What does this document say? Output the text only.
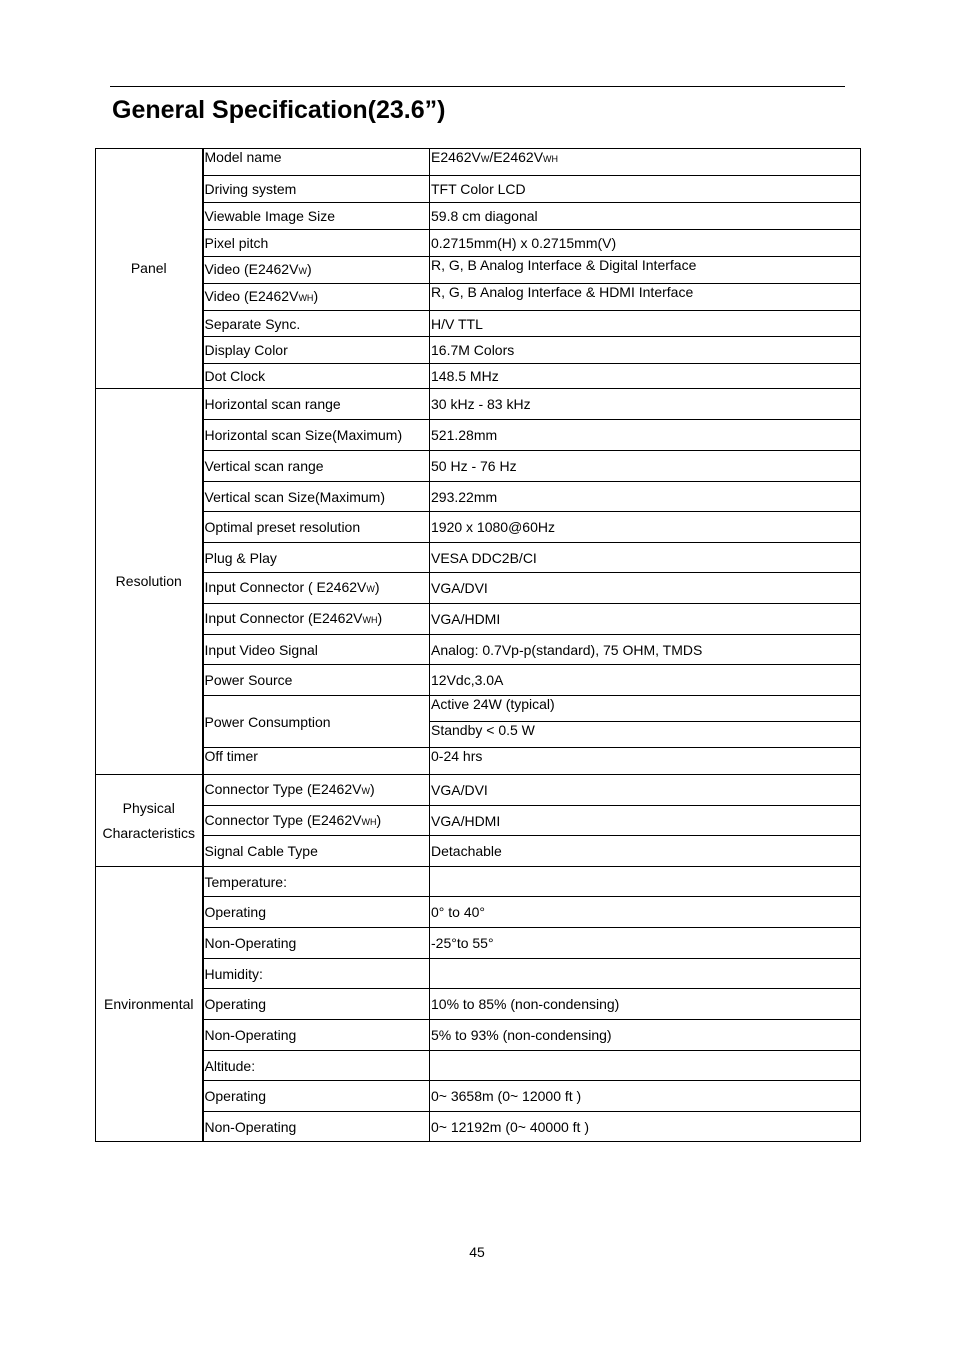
General Specification(23.6”)
Panel	Model name	E2462VW/E2462VWH
	Driving system	TFT Color LCD
	Viewable Image Size	59.8 cm diagonal
	Pixel pitch	0.2715mm(H) x 0.2715mm(V)
	Video (E2462VW)	R, G, B Analog Interface & Digital Interface
	Video (E2462VWH)	R, G, B Analog Interface & HDMI Interface
	Separate Sync.	H/V TTL
	Display Color	16.7M Colors
	Dot Clock	148.5 MHz
Resolution	Horizontal scan range	30 kHz - 83 kHz
	Horizontal scan Size(Maximum)	521.28mm
	Vertical scan range	50 Hz - 76 Hz
	Vertical scan Size(Maximum)	293.22mm
	Optimal preset resolution	1920 x 1080@60Hz
	Plug & Play	VESA DDC2B/CI
	Input Connector ( E2462VW)	VGA/DVI
	Input Connector (E2462VWH)	VGA/HDMI
	Input Video Signal	Analog: 0.7Vp-p(standard), 75 OHM, TMDS
	Power Source	12Vdc,3.0A
	Power Consumption	Active 24W (typical)
		Standby < 0.5 W
	Off timer	0-24 hrs
Physical Characteristics	Connector Type (E2462VW)	VGA/DVI
	Connector Type (E2462VWH)	VGA/HDMI
	Signal Cable Type	Detachable
Environmental	Temperature:	
	Operating	0° to 40°
	Non-Operating	-25°to 55°
	Humidity:	
	Operating	10% to 85% (non-condensing)
	Non-Operating	5% to 93% (non-condensing)
	Altitude:	
	Operating	0~ 3658m (0~ 12000 ft )
	Non-Operating	0~ 12192m (0~ 40000 ft )
45
